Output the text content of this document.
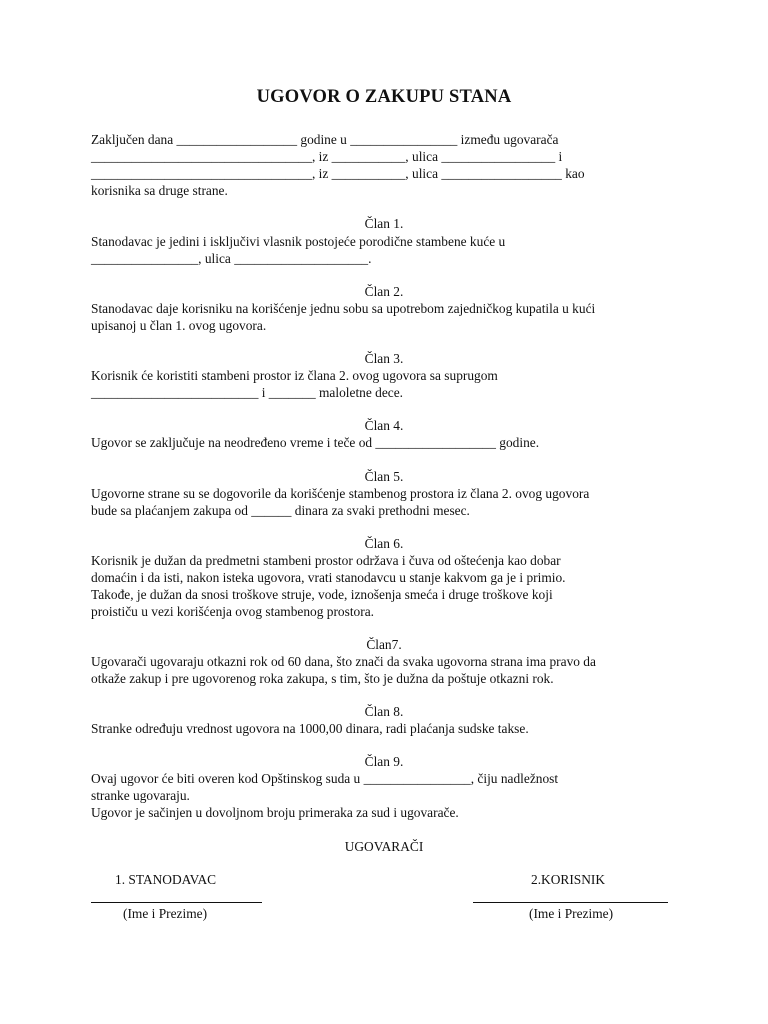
UGOVOR O ZAKUPU STANA
Zaključen dana __________________ godine u ________________ između ugovarača
_________________________________, iz ___________, ulica _________________ i
_________________________________, iz ___________, ulica __________________ kao
korisnika sa druge strane.
Član 1.
Stanodavac je jedini i isključivi vlasnik postojeće porodične stambene kuće u
________________, ulica ____________________.
Član 2.
Stanodavac daje korisniku na korišćenje jednu sobu sa upotrebom zajedničkog kupatila u kući
upisanoj u član 1. ovog ugovora.
Član 3.
Korisnik će koristiti stambeni prostor iz člana 2. ovog ugovora sa suprugom
_________________________ i _______ maloletne dece.
Član 4.
Ugovor se zaključuje na neodređeno vreme i teče od __________________ godine.
Član 5.
Ugovorne strane su se dogovorile da korišćenje stambenog prostora iz člana 2. ovog ugovora
bude sa plaćanjem zakupa od ______ dinara za svaki prethodni mesec.
Član 6.
Korisnik je dužan da predmetni stambeni prostor održava i čuva od oštećenja kao dobar
domaćin i da isti, nakon isteka ugovora, vrati stanodavcu u stanje kakvom ga je i primio.
Takođe, je dužan da snosi troškove struje, vode, iznošenja smeća i druge troškove koji
proističu u vezi korišćenja ovog stambenog prostora.
Član7.
Ugovarači ugovaraju otkazni rok od 60 dana, što znači da svaka ugovorna strana ima pravo da
otkaže zakup i pre ugovorenog roka zakupa, s tim, što je dužna da poštuje otkazni rok.
Član 8.
Stranke određuju vrednost ugovora na 1000,00 dinara, radi plaćanja sudske takse.
Član 9.
Ovaj ugovor će biti overen kod Opštinskog suda u ________________, čiju nadležnost
stranke ugovaraju.
Ugovor je sačinjen u dovoljnom broju primeraka za sud i ugovarače.
UGOVARAČI
1. STANODAVAC
(Ime i Prezime)
2.KORISNIK
(Ime i Prezime)
